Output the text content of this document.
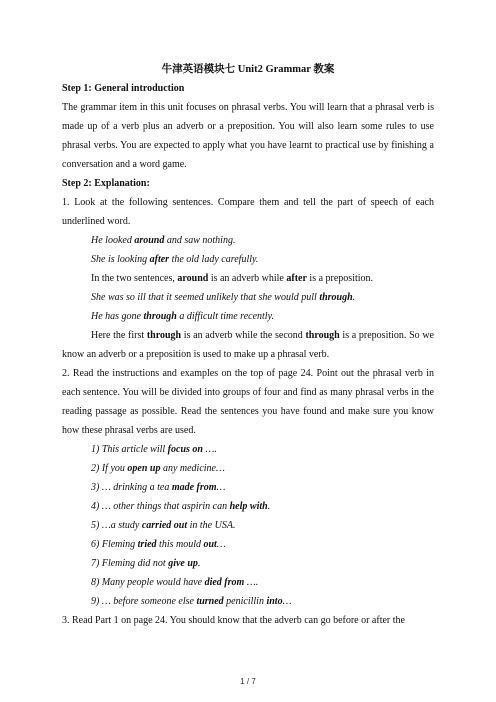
牛津英语模块七 Unit2 Grammar 教案
Step 1: General introduction
The grammar item in this unit focuses on phrasal verbs. You will learn that a phrasal verb is made up of a verb plus an adverb or a preposition. You will also learn some rules to use phrasal verbs. You are expected to apply what you have learnt to practical use by finishing a conversation and a word game.
Step 2: Explanation:
1. Look at the following sentences. Compare them and tell the part of speech of each underlined word.
He looked around and saw nothing.
She is looking after the old lady carefully.
In the two sentences, around is an adverb while after is a preposition.
She was so ill that it seemed unlikely that she would pull through.
He has gone through a difficult time recently.
Here the first through is an adverb while the second through is a preposition. So we know an adverb or a preposition is used to make up a phrasal verb.
2. Read the instructions and examples on the top of page 24. Point out the phrasal verb in each sentence. You will be divided into groups of four and find as many phrasal verbs in the reading passage as possible. Read the sentences you have found and make sure you know how these phrasal verbs are used.
1) This article will focus on ….
2) If you open up any medicine…
3) … drinking a tea made from…
4) … other things that aspirin can help with.
5) …a study carried out in the USA.
6) Fleming tried this mould out…
7) Fleming did not give up.
8) Many people would have died from ….
9) … before someone else turned penicillin into…
3. Read Part 1 on page 24. You should know that the adverb can go before or after the
1 / 7
